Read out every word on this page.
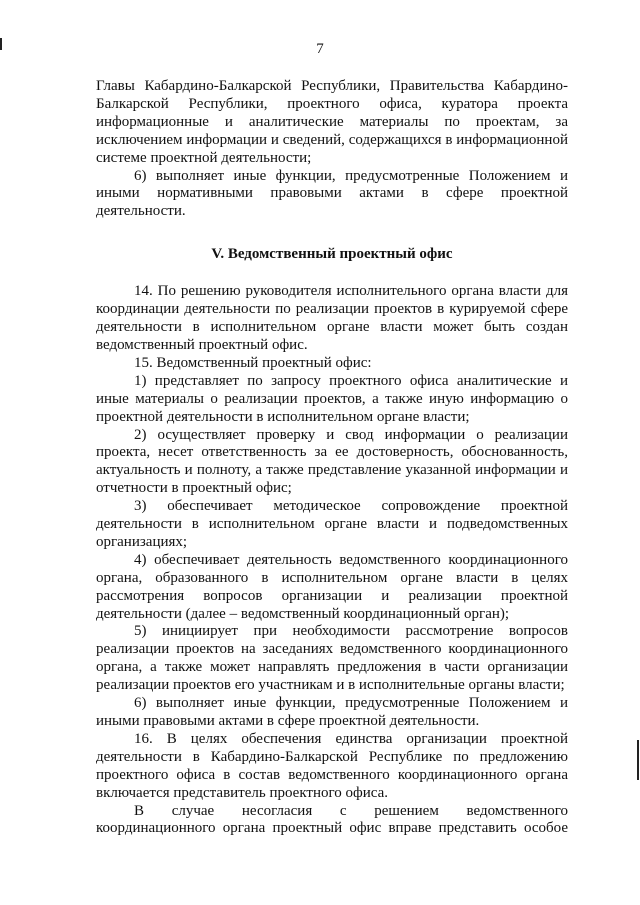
7

Главы Кабардино-Балкарской Республики, Правительства Кабардино-Балкарской Республики, проектного офиса, куратора проекта информационные и аналитические материалы по проектам, за исключением информации и сведений, содержащихся в информационной системе проектной деятельности;

6) выполняет иные функции, предусмотренные Положением и иными нормативными правовыми актами в сфере проектной деятельности.

V. Ведомственный проектный офис

14. По решению руководителя исполнительного органа власти для координации деятельности по реализации проектов в курируемой сфере деятельности в исполнительном органе власти может быть создан ведомственный проектный офис.

15. Ведомственный проектный офис:

1) представляет по запросу проектного офиса аналитические и иные материалы о реализации проектов, а также иную информацию о проектной деятельности в исполнительном органе власти;

2) осуществляет проверку и свод информации о реализации проекта, несет ответственность за ее достоверность, обоснованность, актуальность и полноту, а также представление указанной информации и отчетности в проектный офис;

3) обеспечивает методическое сопровождение проектной деятельности в исполнительном органе власти и подведомственных организациях;

4) обеспечивает деятельность ведомственного координационного органа, образованного в исполнительном органе власти в целях рассмотрения вопросов организации и реализации проектной деятельности (далее – ведомственный координационный орган);

5) инициирует при необходимости рассмотрение вопросов реализации проектов на заседаниях ведомственного координационного органа, а также может направлять предложения в части организации реализации проектов его участникам и в исполнительные органы власти;

6) выполняет иные функции, предусмотренные Положением и иными правовыми актами в сфере проектной деятельности.

16. В целях обеспечения единства организации проектной деятельности в Кабардино-Балкарской Республике по предложению проектного офиса в состав ведомственного координационного органа включается представитель проектного офиса.

В случае несогласия с решением ведомственного координационного органа проектный офис вправе представить особое
